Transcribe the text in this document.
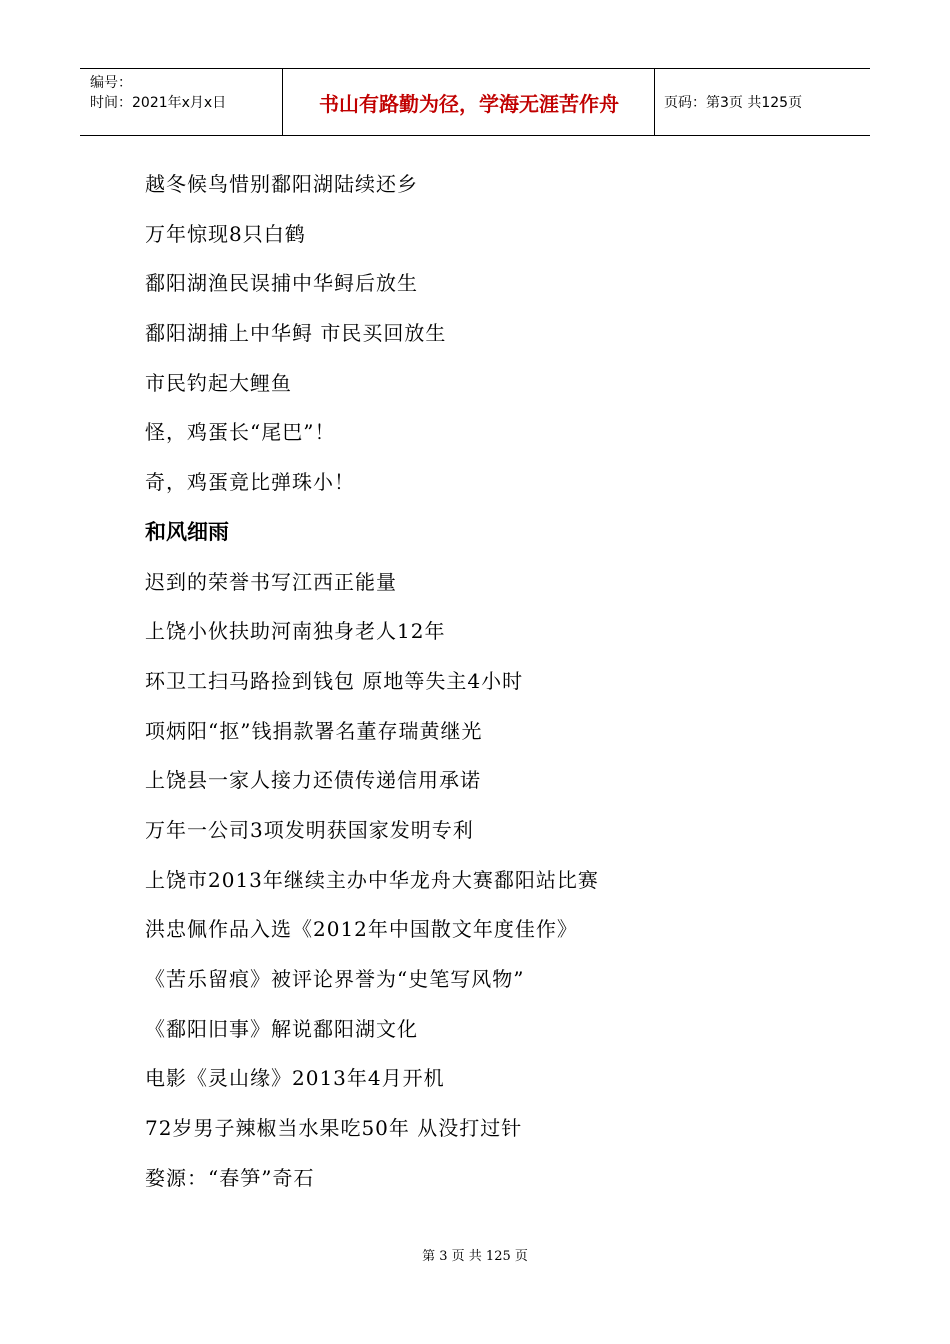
编号：
时间：2021年x月x日	书山有路勤为径，学海无涯苦作舟	页码：第3页 共125页
越冬候鸟惜别鄱阳湖陆续还乡
万年惊现8只白鹤
鄱阳湖渔民误捕中华鲟后放生
鄱阳湖捕上中华鲟 市民买回放生
市民钓起大鲤鱼
怪，鸡蛋长“尾巴”！
奇，鸡蛋竟比弹珠小！
和风细雨
迟到的荣誉书写江西正能量
上饶小伙扶助河南独身老人12年
环卫工扫马路捡到钱包 原地等失主4小时
项炳阳“抠”钱捐款署名董存瑞黄继光
上饶县一家人接力还债传递信用承诺
万年一公司3项发明获国家发明专利
上饶市2013年继续主办中华龙舟大赛鄱阳站比赛
洪忠佩作品入选《2012年中国散文年度佳作》
《苦乐留痕》被评论界誉为“史笔写风物”
《鄱阳旧事》解说鄱阳湖文化
电影《灵山缘》2013年4月开机
72岁男子辣椒当水果吃50年 从没打过针
婺源：“春笋”奇石
第 3 页 共 125 页
